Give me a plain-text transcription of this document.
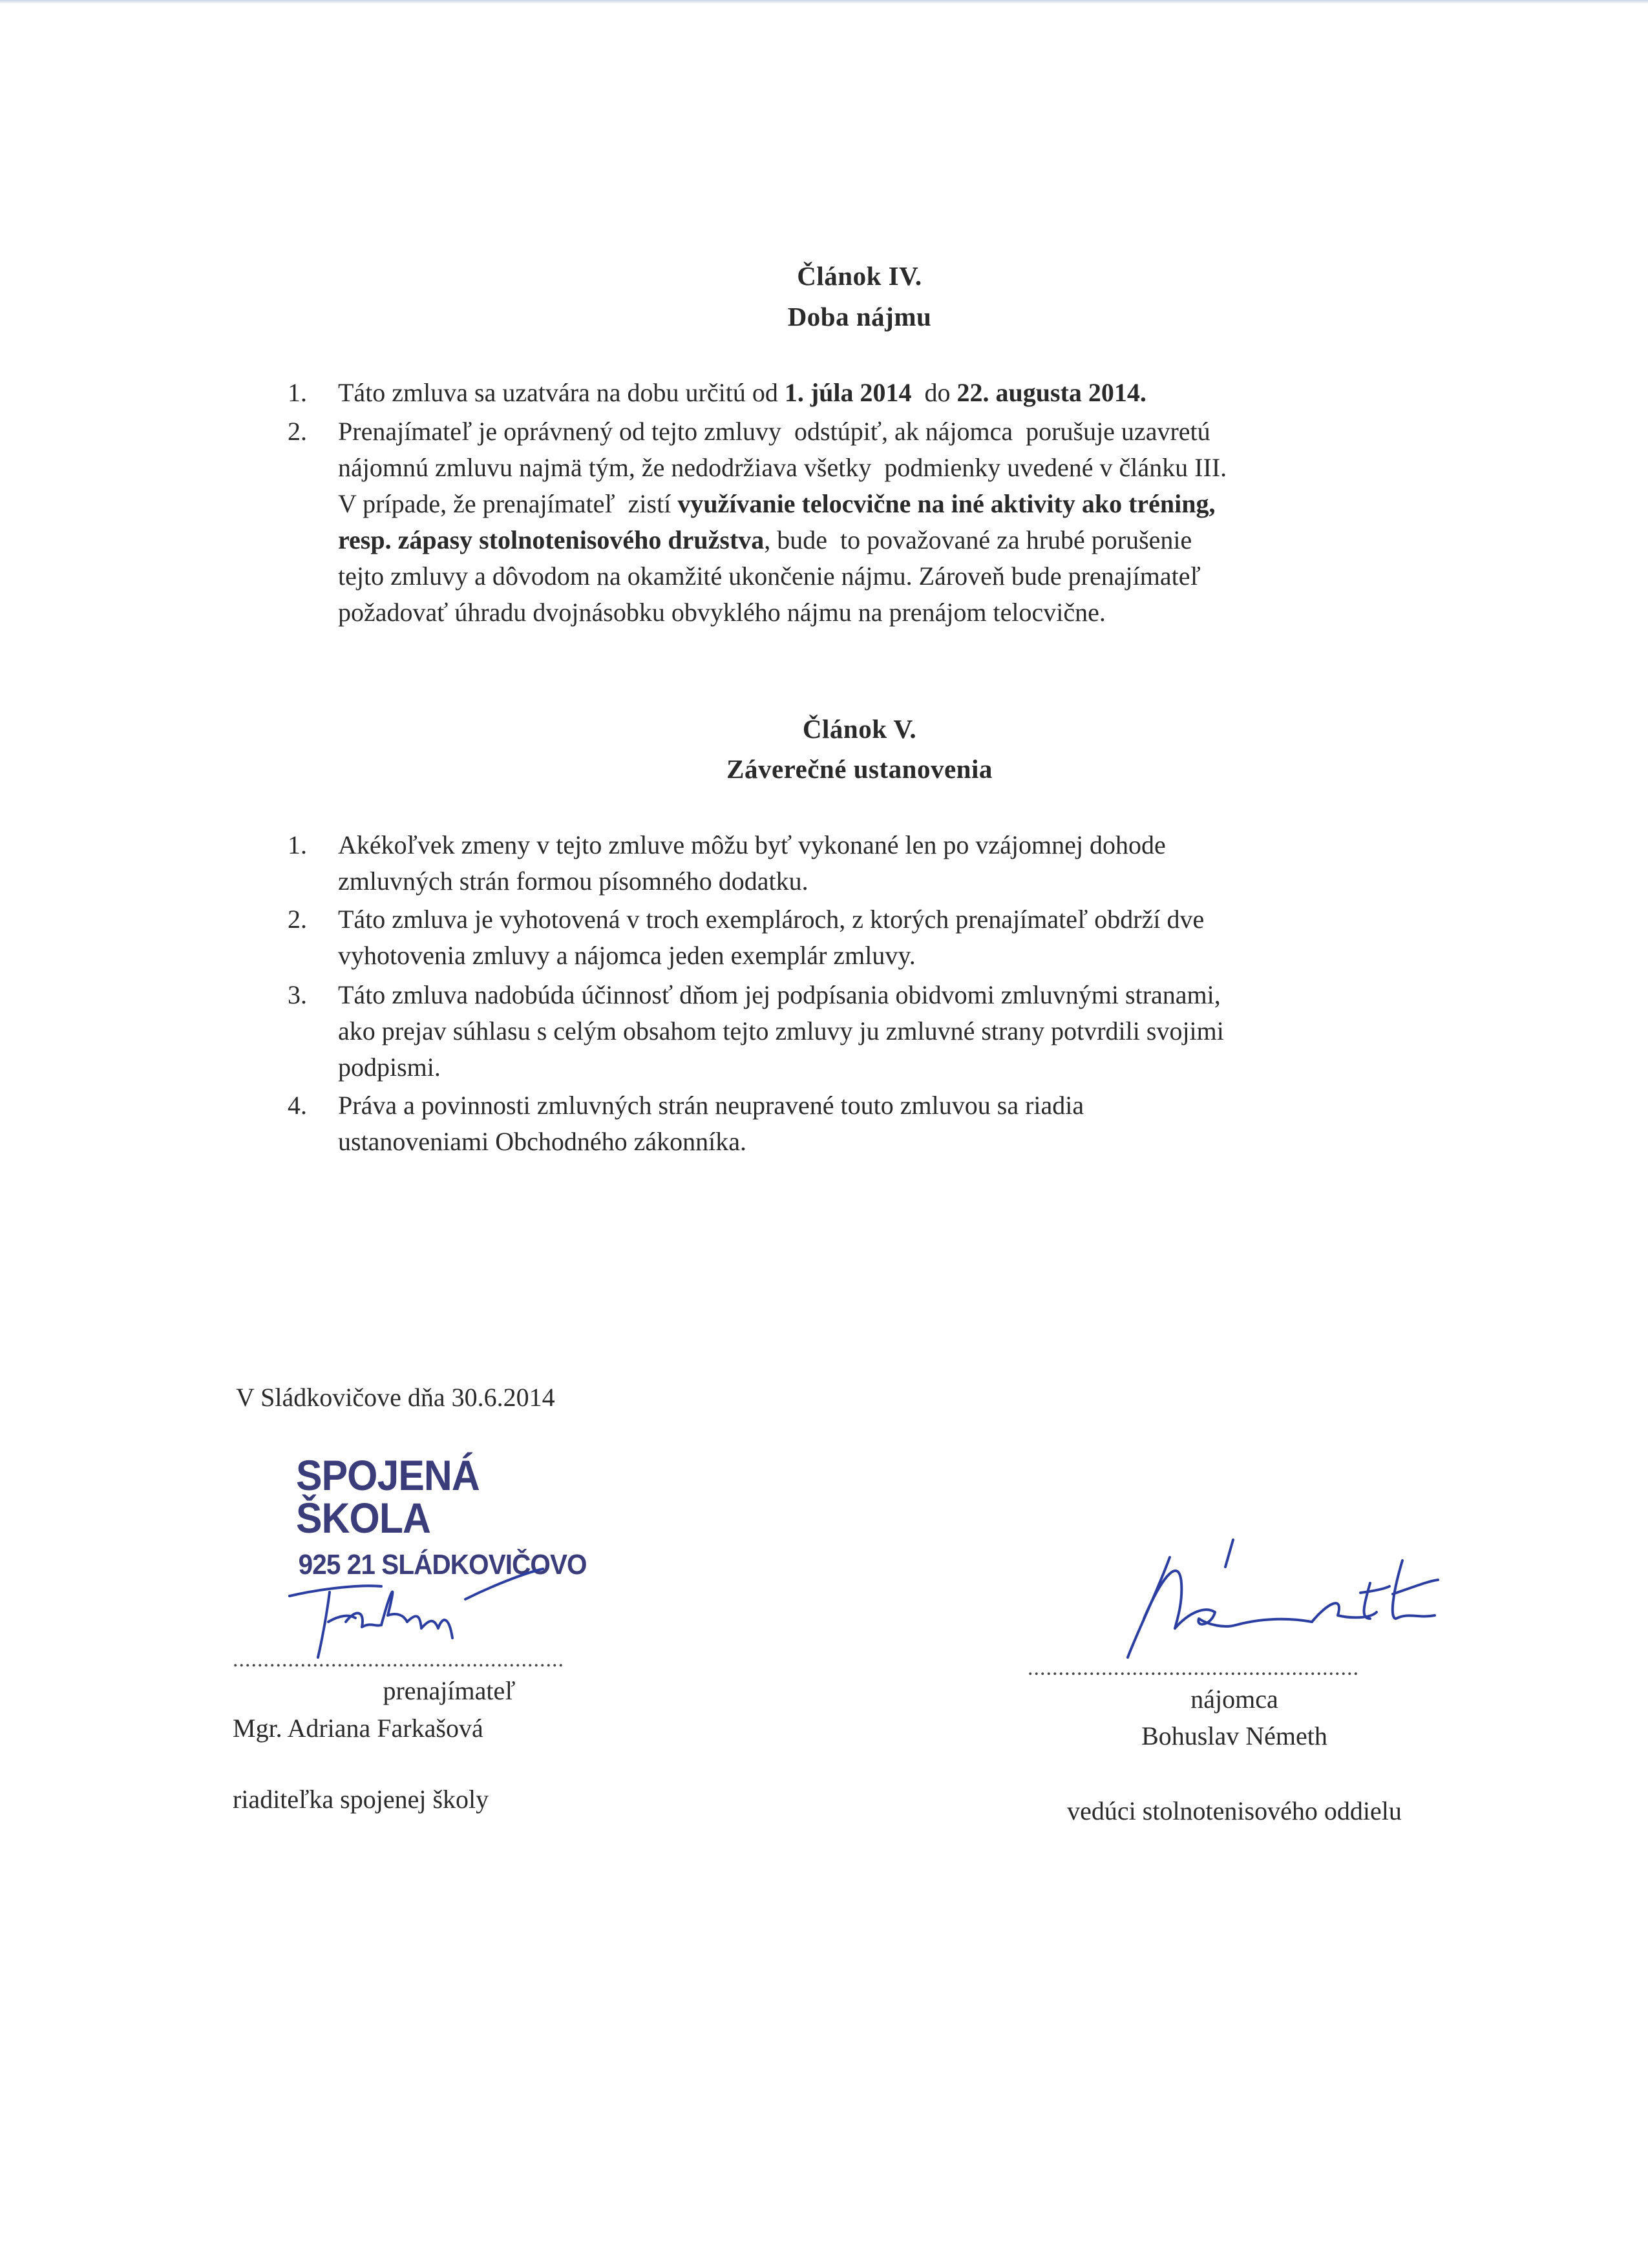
Článok IV.
Doba nájmu
1.	Táto zmluva sa uzatvára na dobu určitú od 1. júla 2014  do 22. augusta 2014.
2.	Prenajímateľ je oprávnený od tejto zmluvy  odstúpiť, ak nájomca  porušuje uzavretú
nájomnú zmluvu najmä tým, že nedodržiava všetky  podmienky uvedené v článku III.
V prípade, že prenajímateľ  zistí využívanie telocvične na iné aktivity ako tréning,
resp. zápasy stolnotenisového družstva, bude  to považované za hrubé porušenie
tejto zmluvy a dôvodom na okamžité ukončenie nájmu. Zároveň bude prenajímateľ
požadovať úhradu dvojnásobku obvyklého nájmu na prenájom telocvične.
Článok V.
Záverečné ustanovenia
1.	Akékoľvek zmeny v tejto zmluve môžu byť vykonané len po vzájomnej dohode
zmluvných strán formou písomného dodatku.
2.	Táto zmluva je vyhotovená v troch exemplároch, z ktorých prenajímateľ obdrží dve
vyhotovenia zmluvy a nájomca jeden exemplár zmluvy.
3.	Táto zmluva nadobúda účinnosť dňom jej podpísania obidvomi zmluvnými stranami,
ako prejav súhlasu s celým obsahom tejto zmluvy ju zmluvné strany potvrdili svojimi
podpismi.
4.	Práva a povinnosti zmluvných strán neupravené touto zmluvou sa riadia
ustanoveniami Obchodného zákonníka.
V Sládkovičove dňa 30.6.2014
SPOJENÁ ŠKOLA
925 21 SLÁDKOVIČOVO
......................................................
prenajímateľ
Mgr. Adriana Farkašová
riaditeľka spojenej školy
......................................................
nájomca
Bohuslav Németh
vedúci stolnotenisového oddielu
